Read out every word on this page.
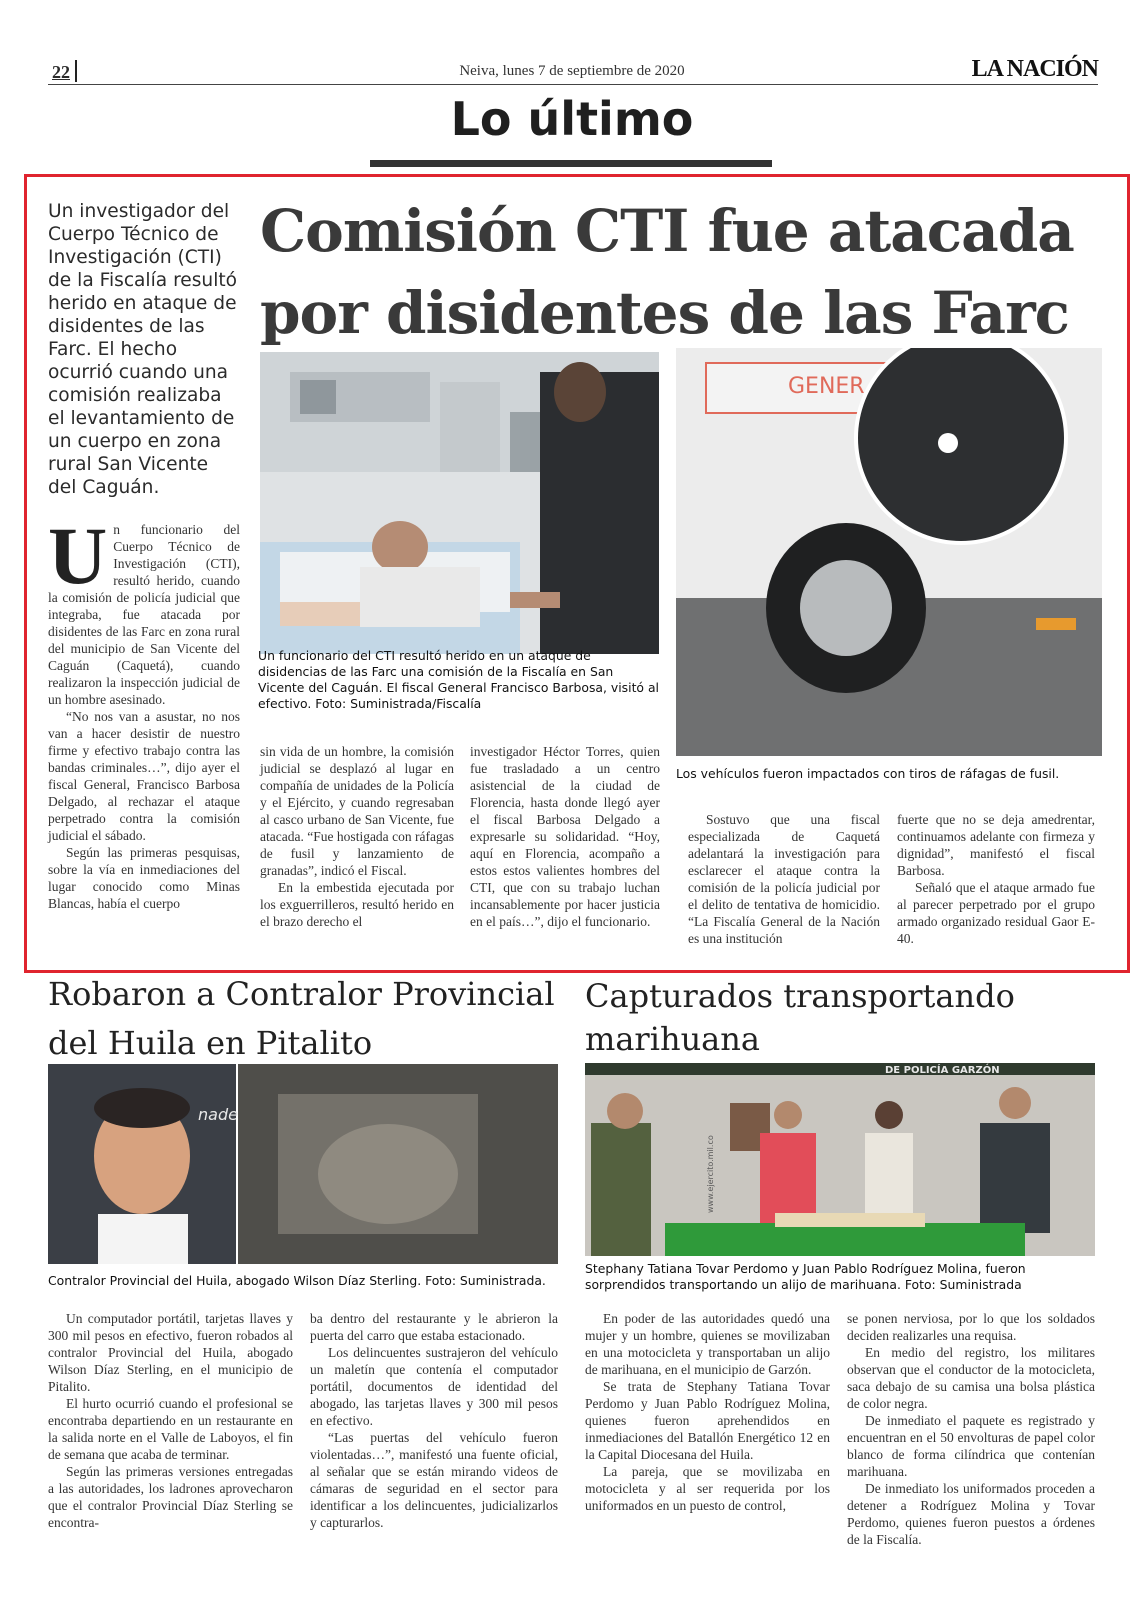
22	Neiva, lunes 7 de septiembre de 2020	LA NACIÓN
Lo último
Un investigador del Cuerpo Técnico de Investigación (CTI) de la Fiscalía resultó herido en ataque de disidentes de las Farc. El hecho ocurrió cuando una comisión realizaba el levantamiento de un cuerpo en zona rural San Vicente del Caguán.
Comisión CTI fue atacada por disidentes de las Farc
Un funcionario del CTI resultó herido en un ataque de disidencias de las Farc una comisión de la Fiscalía en San Vicente del Caguán. El fiscal General Francisco Barbosa, visitó al efectivo. Foto: Suministrada/Fiscalía
GENER
Los vehículos fueron impactados con tiros de ráfagas de fusil.

Un funcionario del Cuerpo Técnico de Investigación (CTI), resultó herido, cuando la comisión de policía judicial que integraba, fue atacada por disidentes de las Farc en zona rural del municipio de San Vicente del Caguán (Caquetá), cuando realizaron la inspección judicial de un hombre asesinado.

“No nos van a asustar, no nos van a hacer desistir de nuestro firme y efectivo trabajo contra las bandas criminales…”, dijo ayer el fiscal General, Francisco Barbosa Delgado, al rechazar el ataque perpetrado contra la comisión judicial el sábado.

Según las primeras pesquisas, sobre la vía en inmediaciones del lugar conocido como Minas Blancas, había el cuerpo

sin vida de un hombre, la comisión judicial se desplazó al lugar en compañía de unidades de la Policía y el Ejército, y cuando regresaban al casco urbano de San Vicente, fue atacada. “Fue hostigada con ráfagas de fusil y lanzamiento de granadas”, indicó el Fiscal.

En la embestida ejecutada por los exguerrilleros, resultó herido en el brazo derecho el

investigador Héctor Torres, quien fue trasladado a un centro asistencial de la ciudad de Florencia, hasta donde llegó ayer el fiscal Barbosa Delgado a expresarle su solidaridad. “Hoy, aquí en Florencia, acompaño a estos estos valientes hombres del CTI, que con su trabajo luchan incansablemente por hacer justicia en el país…”, dijo el funcionario.

Sostuvo que una fiscal especializada de Caquetá adelantará la investigación para esclarecer el ataque contra la comisión de la policía judicial por el delito de tentativa de homicidio. “La Fiscalía General de la Nación es una institución

fuerte que no se deja amedrentar, continuamos adelante con firmeza y dignidad”, manifestó el fiscal Barbosa.

Señaló que el ataque armado fue al parecer perpetrado por el grupo armado organizado residual Gaor E-40.

Robaron a Contralor Provincial del Huila en Pitalito
nade
Contralor Provincial del Huila, abogado Wilson Díaz Sterling. Foto: Suministrada.

Un computador portátil, tarjetas llaves y 300 mil pesos en efectivo, fueron robados al contralor Provincial del Huila, abogado Wilson Díaz Sterling, en el municipio de Pitalito.

El hurto ocurrió cuando el profesional se encontraba departiendo en un restaurante en la salida norte en el Valle de Laboyos, el fin de semana que acaba de terminar.

Según las primeras versiones entregadas a las autoridades, los ladrones aprovecharon que el contralor Provincial Díaz Sterling se encontra-

ba dentro del restaurante y le abrieron la puerta del carro que estaba estacionado.

Los delincuentes sustrajeron del vehículo un maletín que contenía el computador portátil, documentos de identidad del abogado, las tarjetas llaves y 300 mil pesos en efectivo.

“Las puertas del vehículo fueron violentadas…”, manifestó una fuente oficial, al señalar que se están mirando videos de cámaras de seguridad en el sector para identificar a los delincuentes, judicializarlos y capturarlos.

Capturados transportando marihuana
DE POLICÍA GARZÓN
www.ejercito.mil.co
Stephany Tatiana Tovar Perdomo y Juan Pablo Rodríguez Molina, fueron sorprendidos transportando un alijo de marihuana. Foto: Suministrada

En poder de las autoridades quedó una mujer y un hombre, quienes se movilizaban en una motocicleta y transportaban un alijo de marihuana, en el municipio de Garzón.

Se trata de Stephany Tatiana Tovar Perdomo y Juan Pablo Rodríguez Molina, quienes fueron aprehendidos en inmediaciones del Batallón Energético 12 en la Capital Diocesana del Huila.

La pareja, que se movilizaba en motocicleta y al ser requerida por los uniformados en un puesto de control,

se ponen nerviosa, por lo que los soldados deciden realizarles una requisa.

En medio del registro, los militares observan que el conductor de la motocicleta, saca debajo de su camisa una bolsa plástica de color negra.

De inmediato el paquete es registrado y encuentran en el 50 envolturas de papel color blanco de forma cilíndrica que contenían marihuana.

De inmediato los uniformados proceden a detener a Rodríguez Molina y Tovar Perdomo, quienes fueron puestos a órdenes de la Fiscalía.
